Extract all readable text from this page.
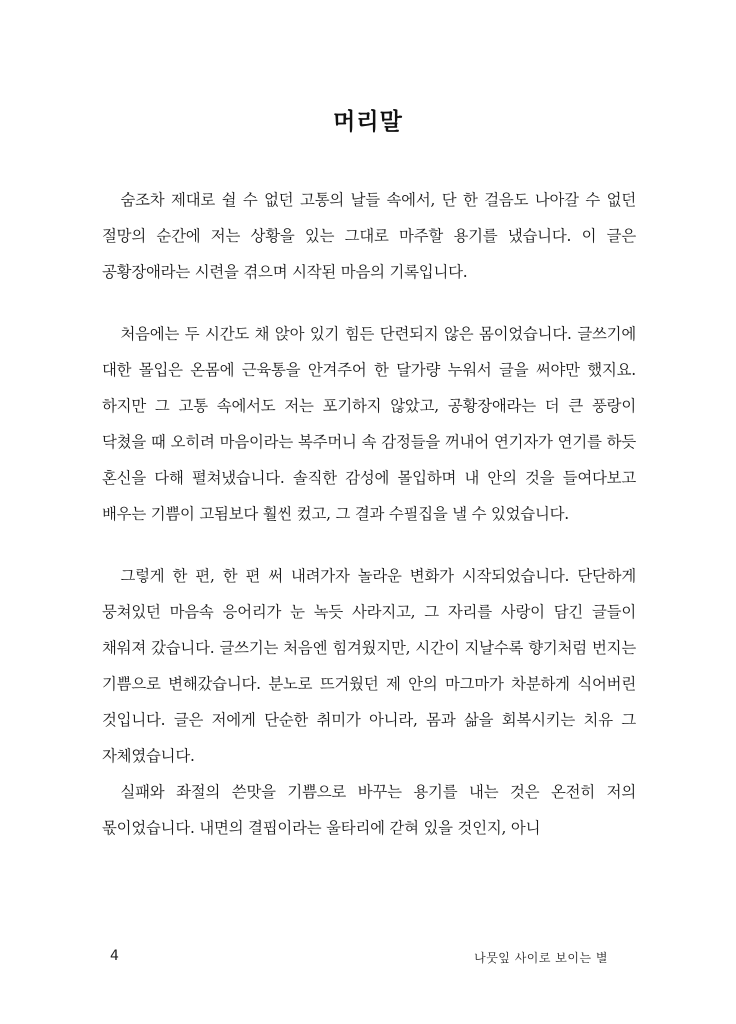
머리말

숨조차 제대로 쉴 수 없던 고통의 날들 속에서, 단 한 걸음도 나아갈 수 없던 절망의 순간에 저는 상황을 있는 그대로 마주할 용기를 냈습니다. 이 글은 공황장애라는 시련을 겪으며 시작된 마음의 기록입니다.

처음에는 두 시간도 채 앉아 있기 힘든 단련되지 않은 몸이었습니다. 글쓰기에 대한 몰입은 온몸에 근육통을 안겨주어 한 달가량 누워서 글을 써야만 했지요. 하지만 그 고통 속에서도 저는 포기하지 않았고, 공황장애라는 더 큰 풍랑이 닥쳤을 때 오히려 마음이라는 복주머니 속 감정들을 꺼내어 연기자가 연기를 하듯 혼신을 다해 펼쳐냈습니다. 솔직한 감성에 몰입하며 내 안의 것을 들여다보고 배우는 기쁨이 고됨보다 훨씬 컸고, 그 결과 수필집을 낼 수 있었습니다.

그렇게 한 편, 한 편 써 내려가자 놀라운 변화가 시작되었습니다. 단단하게 뭉쳐있던 마음속 응어리가 눈 녹듯 사라지고, 그 자리를 사랑이 담긴 글들이 채워져 갔습니다. 글쓰기는 처음엔 힘겨웠지만, 시간이 지날수록 향기처럼 번지는 기쁨으로 변해갔습니다. 분노로 뜨거웠던 제 안의 마그마가 차분하게 식어버린 것입니다. 글은 저에게 단순한 취미가 아니라, 몸과 삶을 회복시키는 치유 그 자체였습니다.

실패와 좌절의 쓴맛을 기쁨으로 바꾸는 용기를 내는 것은 온전히 저의 몫이었습니다. 내면의 결핍이라는 울타리에 갇혀 있을 것인지, 아니

4	나뭇잎 사이로 보이는 별
